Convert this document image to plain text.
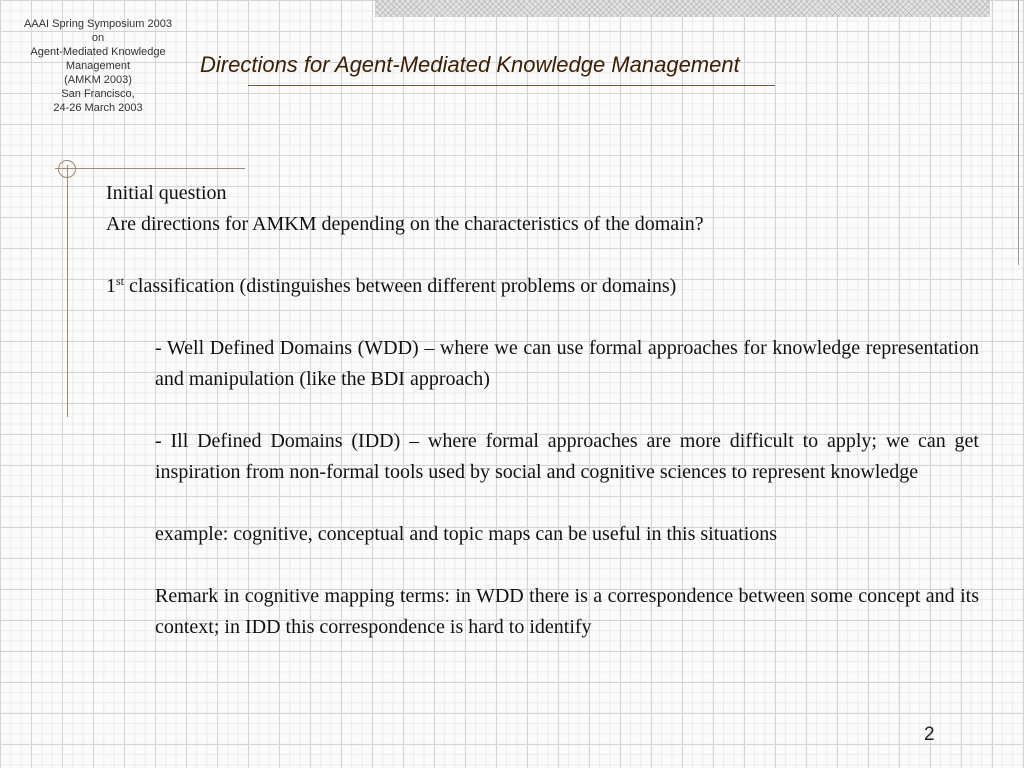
AAAI Spring Symposium 2003
on
Agent-Mediated Knowledge
Management
(AMKM 2003)
San Francisco,
24-26 March 2003
Directions for Agent-Mediated Knowledge Management

Initial question

Are directions for AMKM depending on the characteristics of the domain?

1st classification (distinguishes between different problems or domains)

- Well Defined Domains (WDD) – where we can use formal approaches for knowledge representation and manipulation (like the BDI approach)

- Ill Defined Domains (IDD) – where formal approaches are more difficult to apply; we can get inspiration from non-formal tools used by social and cognitive sciences to represent knowledge

example: cognitive, conceptual and topic maps can be useful in this situations

Remark in cognitive mapping terms: in WDD there is a correspondence between some concept and its context; in IDD this correspondence is hard to identify

2
